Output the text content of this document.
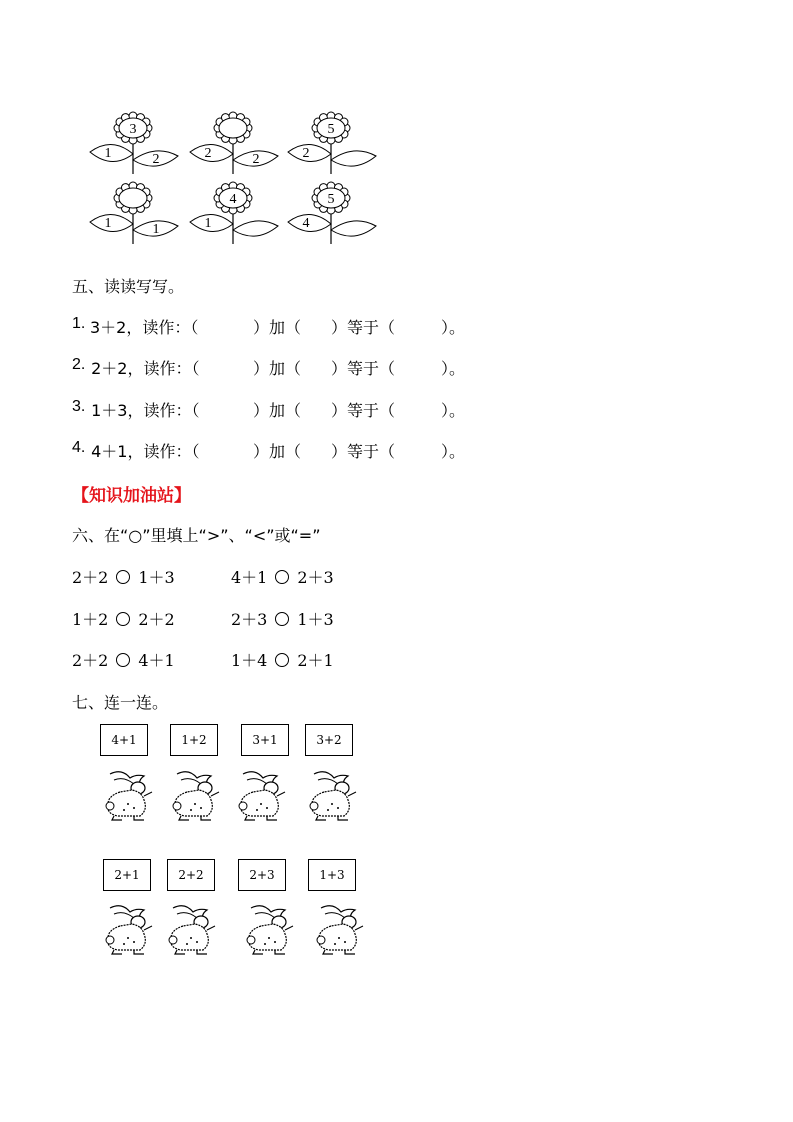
3
1	2	2	2
5
2
1	1
4
1
5
4
五、读读写写。
1. 3＋2，读作：（	）加（ ）等于（	）。
2. 2＋2，读作：（	）加（ ）等于（	）。
3. 1＋3，读作：（	）加（ ）等于（	）。
4. 4＋1，读作：（	）加（ ）等于（	）。
【知识加油站】
六、在“○”里填上“>”、“<”或“=”
2＋2 1＋3	4＋1 2＋3
1＋2 2＋2	2＋3 1＋3
2＋2 4＋1	1＋4 2＋1
七、连一连。
4+1	1+2	3+1	3+2
2+1	2+2	2+3	1+3
